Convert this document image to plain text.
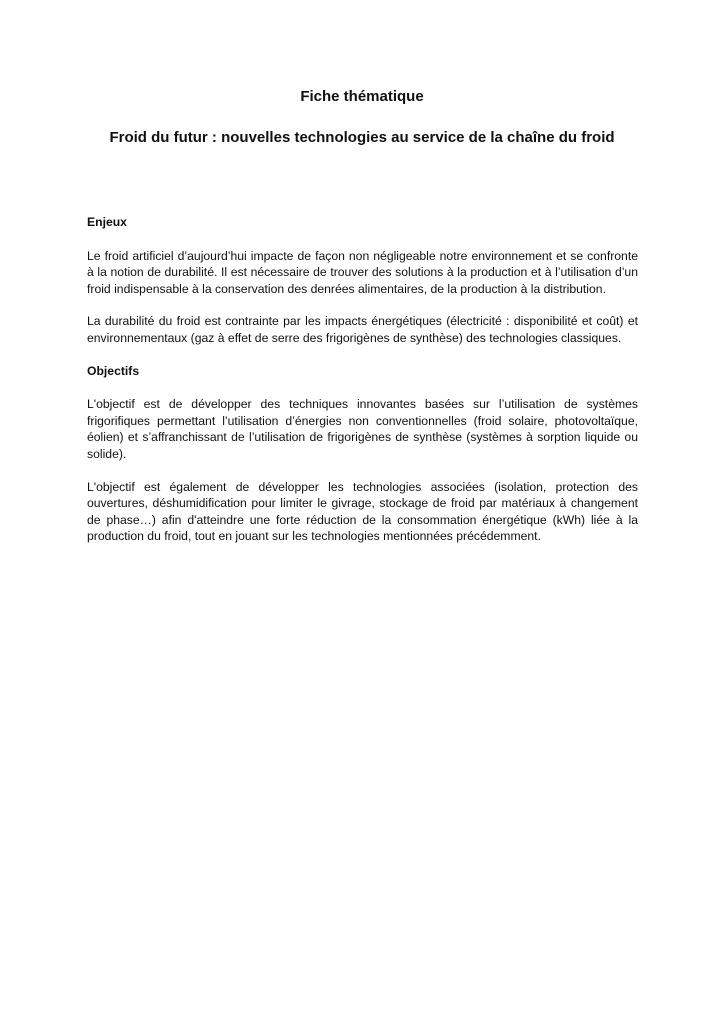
Fiche thématique
Froid du futur : nouvelles technologies au service de la chaîne du froid

Enjeux

Le froid artificiel d’aujourd’hui impacte de façon non négligeable notre environnement et se confronte à la notion de durabilité. Il est nécessaire de trouver des solutions à la production et à l’utilisation d’un froid indispensable à la conservation des denrées alimentaires, de la production à la distribution.

La durabilité du froid est contrainte par les impacts énergétiques (électricité : disponibilité et coût) et environnementaux (gaz à effet de serre des frigorigènes de synthèse) des technologies classiques.

Objectifs

L'objectif est de développer des techniques innovantes basées sur l’utilisation de systèmes frigorifiques permettant l’utilisation d’énergies non conventionnelles (froid solaire, photovoltaïque, éolien) et s’affranchissant de l’utilisation de frigorigènes de synthèse (systèmes à sorption liquide ou solide).

L'objectif est également de développer les technologies associées (isolation, protection des ouvertures, déshumidification pour limiter le givrage, stockage de froid par matériaux à changement de phase…) afin d'atteindre une forte réduction de la consommation énergétique (kWh) liée à la production du froid, tout en jouant sur les technologies mentionnées précédemment.
